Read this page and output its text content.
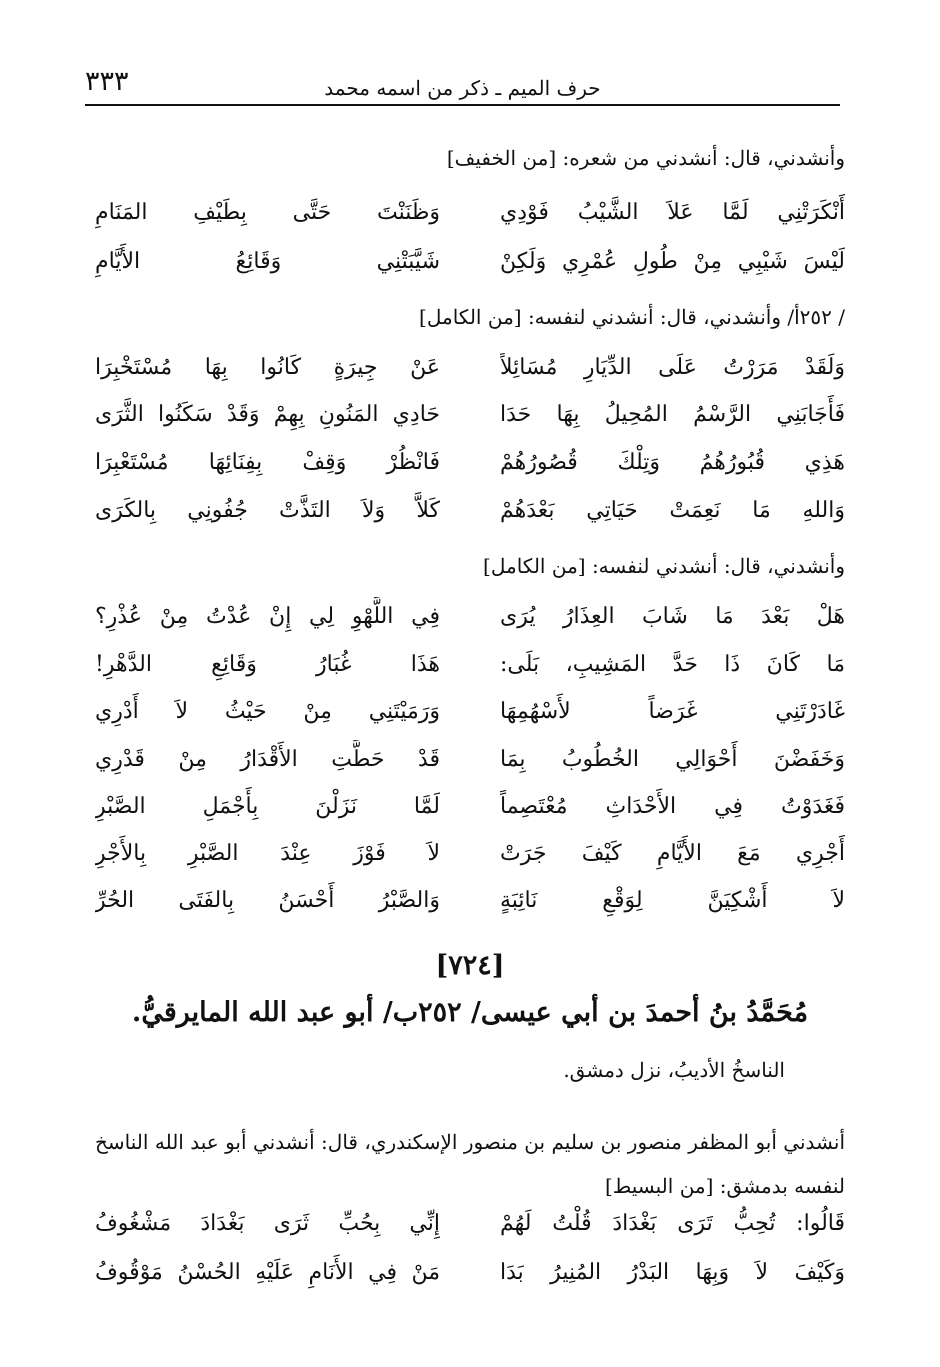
٣٣٣	حرف الميم ـ ذكر من اسمه محمد
وأنشدني، قال: أنشدني من شعره: [من الخفيف]
أَنْكَرَتْنِي لَمَّا عَلاَ الشَّيْبُ فَوْدِي
وَظَنَنْتَ حَتَّى بِطَيْفِ المَنَامِ
لَيْسَ شَيْبِي مِنْ طُولِ عُمْرِي وَلَكِنْ
شَيَّبَتْنِي وَقَائِعُ الأَيَّامِ
/ ٢٥٢أ/ وأنشدني، قال: أنشدني لنفسه: [من الكامل]
وَلَقَدْ مَرَرْتُ عَلَى الدِّيَارِ مُسَائِلاً
عَنْ جِيرَةٍ كَانُوا بِهَا مُسْتَخْبِرَا
فَأَجَابَنِي الرَّسْمُ المُحِيلُ بِهَا حَدَا
حَادِي المَنُونِ بِهِمْ وَقَدْ سَكَنُوا الثَّرَى
هَذِي قُبُورُهُمُ وَتِلْكَ قُصُورُهُمْ
فَانْظُرْ وَقِفْ بِفِنَائِهَا مُسْتَعْبِرَا
وَاللهِ مَا نَعِمَتْ حَيَاتِي بَعْدَهُمْ
كَلاَّ وَلاَ التَذَّتْ جُفُونِي بِالكَرَى
وأنشدني، قال: أنشدني لنفسه: [من الكامل]
هَلْ بَعْدَ مَا شَابَ العِذَارُ يُرَى
فِي اللَّهْوِ لِي إِنْ عُدْتُ مِنْ عُذْرِ؟
مَا كَانَ ذَا حَدَّ المَشِيبِ، بَلَى:
هَذَا غُبَارُ وَقَائِعِ الدَّهْرِ!
غَادَرْتَنِي غَرَضاً لأَسْهُمِهَا
وَرَمَيْتَنِي مِنْ حَيْثُ لاَ أَدْرِي
وَخَفَضْنَ أَحْوَالِي الخُطُوبُ بِمَا
قَدْ حَطَّتِ الأَقْدَارُ مِنْ قَدْرِي
فَغَدَوْتُ فِي الأَحْدَاثِ مُعْتَصِماً
لَمَّا نَزَلْنَ بِأَجْمَلِ الصَّبْرِ
أَجْرِي مَعَ الأَيَّامِ كَيْفَ جَرَتْ
لاَ فَوْزَ عِنْدَ الصَّبْرِ بِالأَجْرِ
لاَ أَشْكِيَنَّ لِوَقْعِ نَائِبَةٍ
وَالصَّبْرُ أَحْسَنُ بِالفَتَى الحُرِّ
[٧٢٤]
مُحَمَّدُ بنُ أحمدَ بن أبي عيسى/ ٢٥٢ب/ أبو عبد الله المايرقيُّ.
الناسخُ الأديبُ، نزل دمشق.
أنشدني أبو المظفر منصور بن سليم بن منصور الإسكندري، قال: أنشدني أبو عبد الله الناسخ لنفسه بدمشق: [من البسيط]
قَالُوا: تُحِبُّ تَرَى بَغْدَادَ قُلْتُ لَهُمْ
إِنِّي بِحُبِّ ثَرَى بَغْدَادَ مَشْغُوفُ
وَكَيْفَ لاَ وَبِهَا البَدْرُ المُنِيرُ بَدَا
مَنْ فِي الأَنَامِ عَلَيْهِ الحُسْنُ مَوْقُوفُ
